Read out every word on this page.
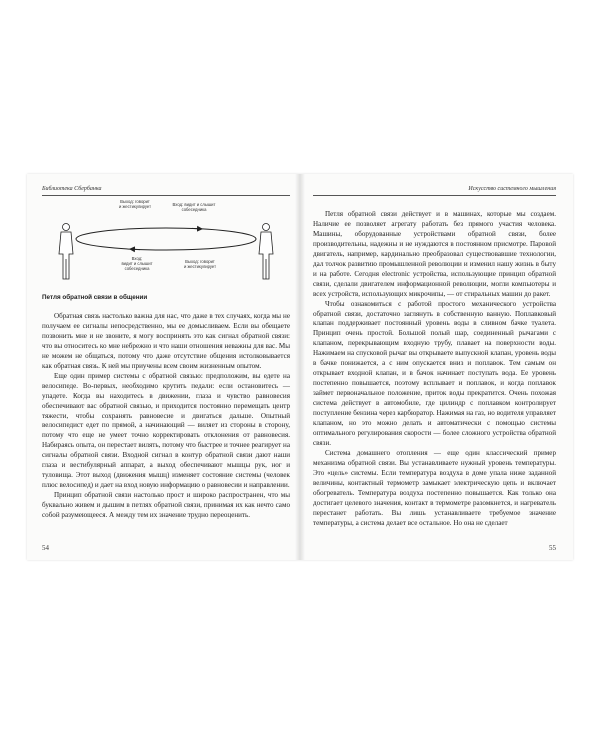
Библиотека Сбербанка
Выход: говорит
и жестикулирует	Вход: видит и слышит
собеседника
Вход:
видит и слышит
собеседника
Выход: говорит
и жестикулирует
Петля обратной связи в общении

Обратная связь настолько важна для нас, что даже в тех случаях, когда мы не получаем ее сигналы непосредственно, мы ее домысливаем. Если вы обещаете позвонить мне и не звоните, я могу воспринять это как сигнал обратной связи: что вы относитесь ко мне небрежно и что наши отношения неважны для вас. Мы не можем не общаться, потому что даже отсутствие общения истолковывается как обратная связь. К ней мы приучены всем своим жизненным опытом.

Еще один пример системы с обратной связью: предположим, вы едете на велосипеде. Во-первых, необходимо крутить педали: если остановитесь — упадете. Когда вы находитесь в движении, глаза и чувство равновесия обеспечивают вас обратной связью, и приходится постоянно перемещать центр тяжести, чтобы сохранять равновесие и двигаться дальше. Опытный велосипедист едет по прямой, а начинающий — виляет из стороны в сторону, потому что еще не умеет точно корректировать отклонения от равновесия. Набираясь опыта, он перестает вилять, потому что быстрее и точнее реагирует на сигналы обратной связи. Входной сигнал в контур обратной связи дают наши глаза и вестибулярный аппарат, а выход обеспечивают мышцы рук, ног и туловища. Этот выход (движения мышц) изменяет состояние системы (человек плюс велосипед) и дает на вход новую информацию о равновесии и направлении.

Принцип обратной связи настолько прост и широко распространен, что мы буквально живем и дышим в петлях обратной связи, принимая их как нечто само собой разумеющееся. А между тем их значение трудно переоценить.

54
Искусство системного мышления

Петля обратной связи действует и в машинах, которые мы создаем. Наличие ее позволяет агрегату работать без прямого участия человека. Машины, оборудованные устройствами обратной связи, более производительны, надежны и не нуждаются в постоянном присмотре. Паровой двигатель, например, кардинально преобразовал существовавшие технологии, дал толчок развитию промышленной революции и изменил нашу жизнь в быту и на работе. Сегодня electronic устройства, использующие принцип обратной связи, сделали двигателем информационной революции, могли компьютеры и всех устройств, использующих микрочипы, — от стиральных машин до ракет.

Чтобы ознакомиться с работой простого механического устройства обратной связи, достаточно заглянуть в собственную ванную. Поплавковый клапан поддерживает постоянный уровень воды в сливном бачке туалета. Принцип очень простой. Большой полый шар, соединенный рычагами с клапаном, перекрывающим входную трубу, плавает на поверхности воды. Нажимаем на спусковой рычаг вы открываете выпускной клапан, уровень воды в бачке понижается, а с ним опускается вниз и поплавок. Тем самым он открывает входной клапан, и в бачок начинает поступать вода. Ее уровень постепенно повышается, поэтому всплывает и поплавок, и когда поплавок займет первоначальное положение, приток воды прекратится. Очень похожая система действует в автомобиле, где цилиндр с поплавком контролирует поступление бензина через карбюратор. Нажимая на газ, но водителя управляет клапаном, но это можно делать и автоматически с помощью системы оптимального регулирования скорости — более сложного устройства обратной связи.

Система домашнего отопления — еще один классический пример механизма обратной связи. Вы устанавливаете нужный уровень температуры. Это «цель» системы. Если температура воздуха в доме упала ниже заданной величины, контактный термометр замыкает электрическую цепь и включает обогреватель. Температура воздуха постепенно повышается. Как только она достигает целевого значения, контакт в термометре разомкнется, и нагреватель перестанет работать. Вы лишь устанавливаете требуемое значение температуры, а система делает все остальное. Но она не сделает

55
